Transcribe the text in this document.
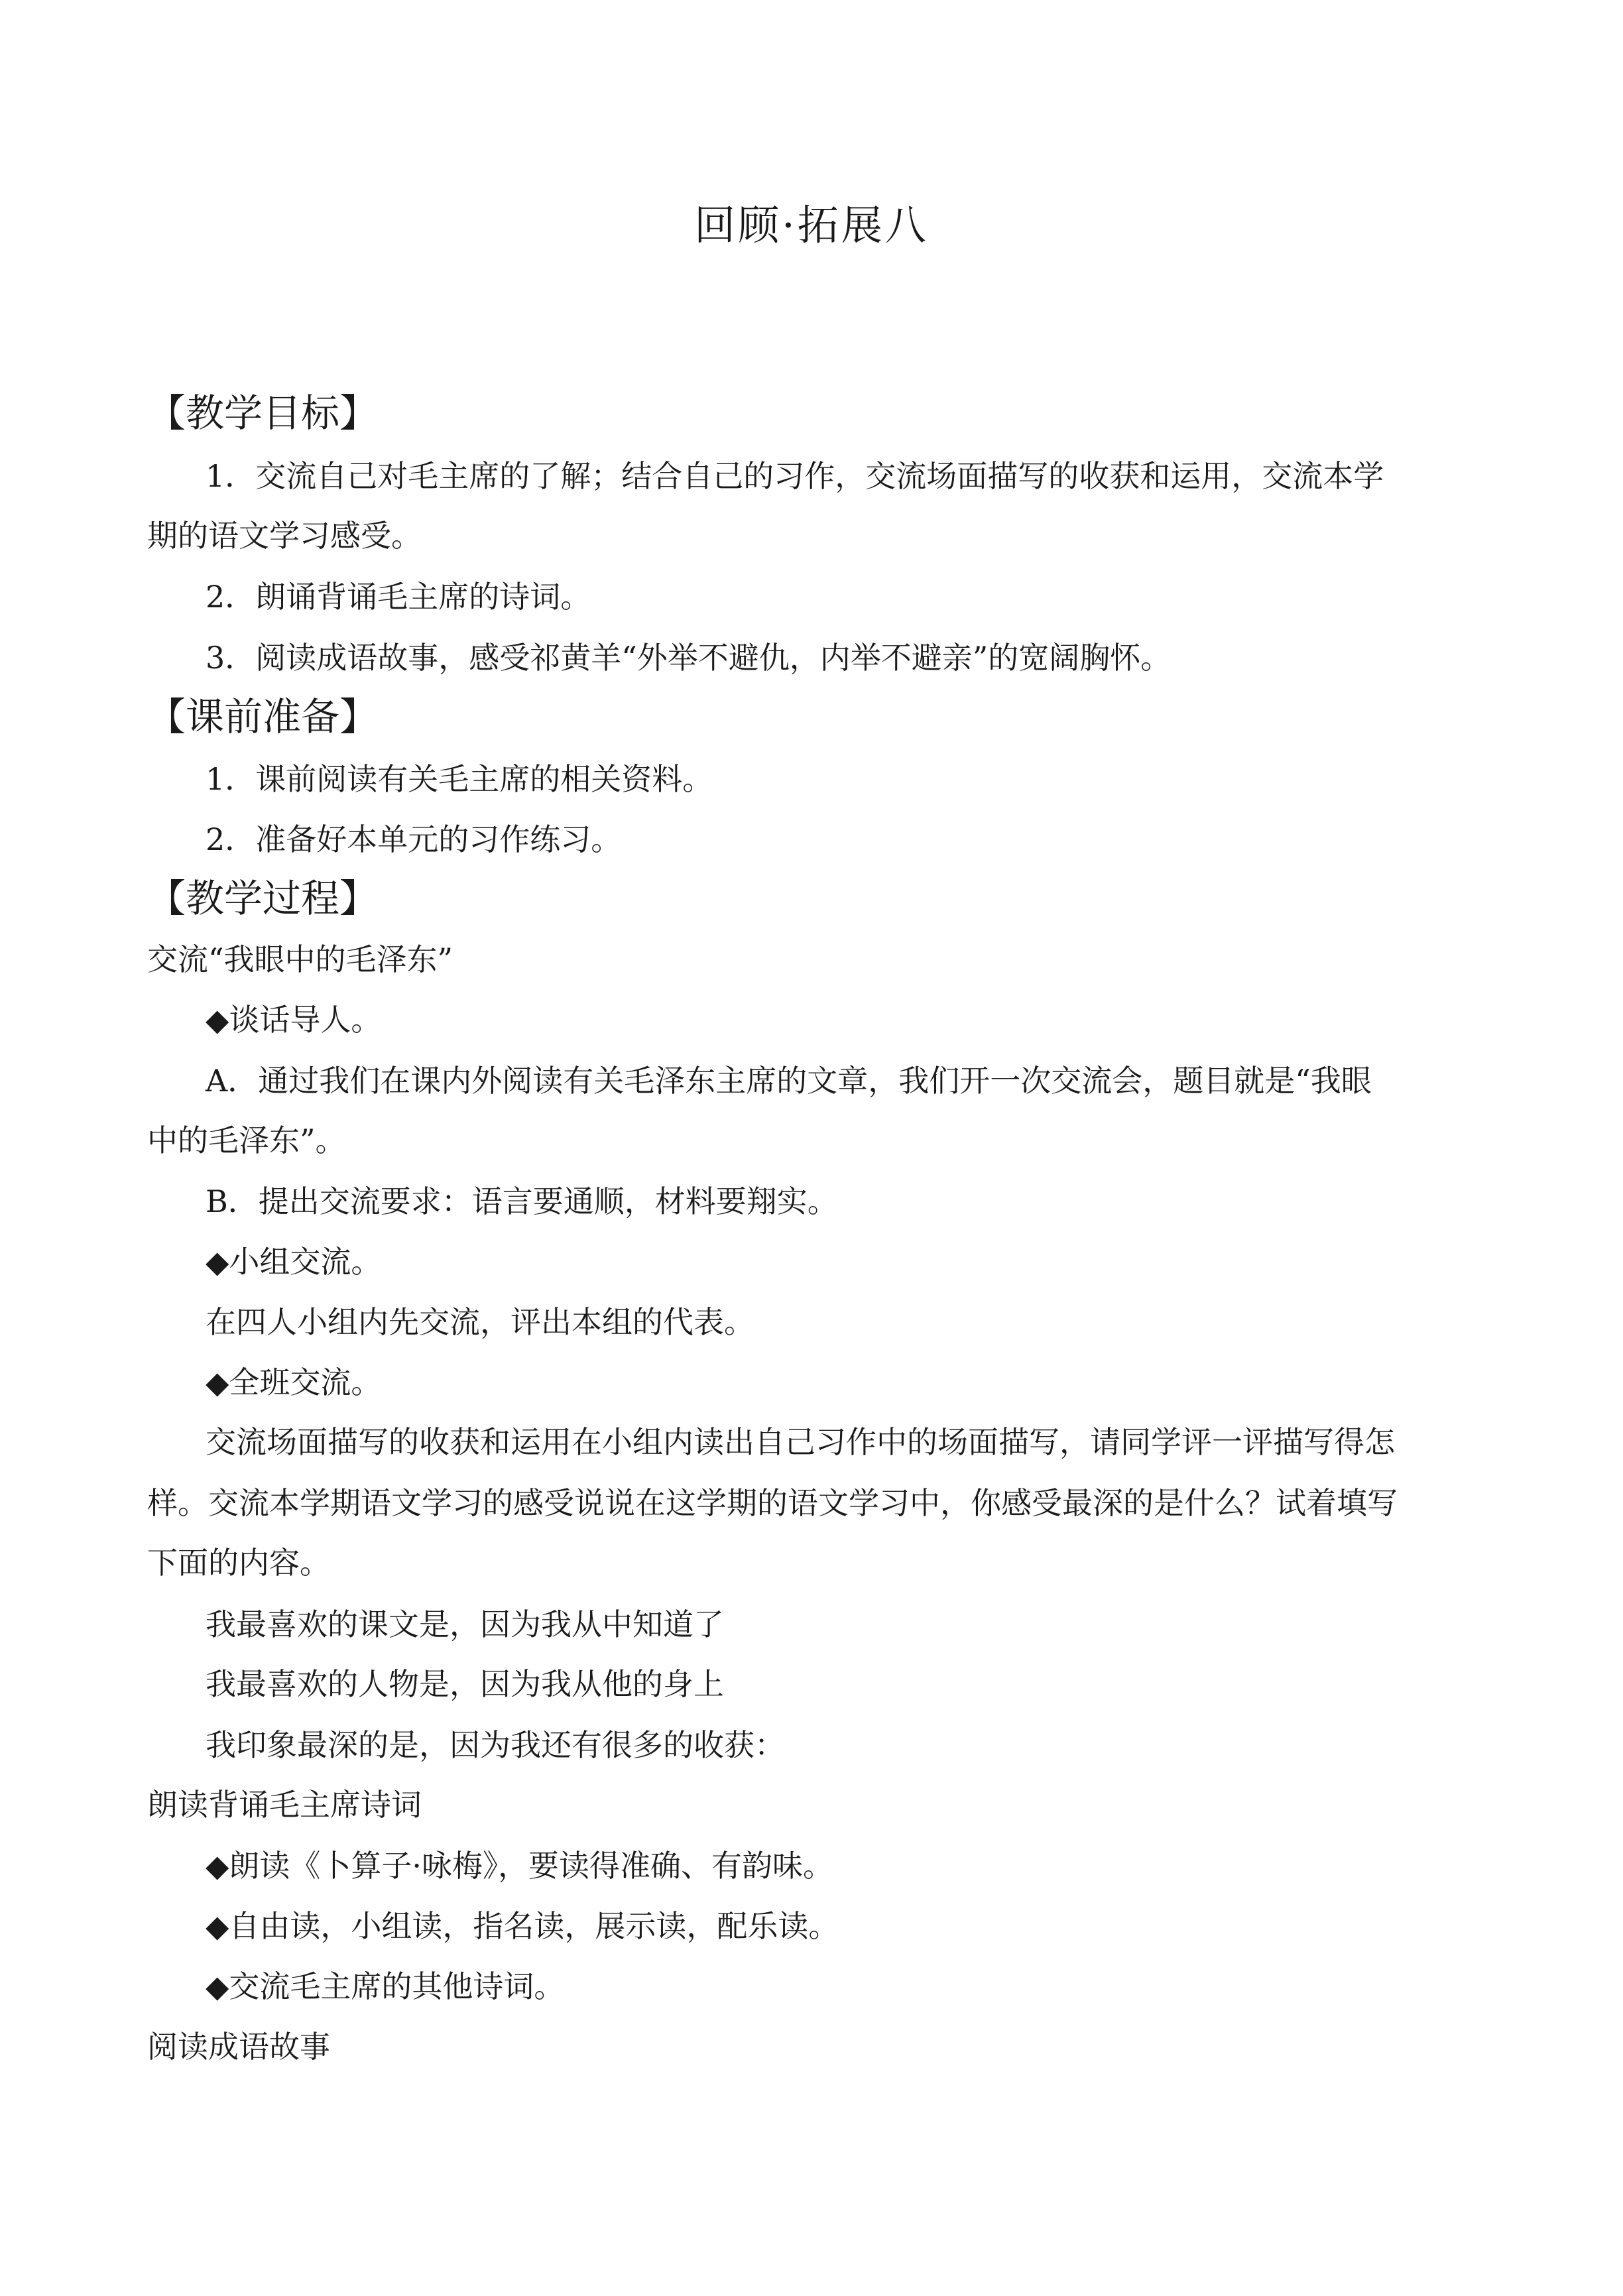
回顾·拓展八
【教学目标】
1．交流自己对毛主席的了解；结合自己的习作，交流场面描写的收获和运用，交流本学
期的语文学习感受。
2．朗诵背诵毛主席的诗词。
3．阅读成语故事，感受祁黄羊“外举不避仇，内举不避亲”的宽阔胸怀。
【课前准备】
1．课前阅读有关毛主席的相关资料。
2．准备好本单元的习作练习。
【教学过程】
交流“我眼中的毛泽东”
◆谈话导人。
A．通过我们在课内外阅读有关毛泽东主席的文章，我们开一次交流会，题目就是“我眼
中的毛泽东”。
B．提出交流要求：语言要通顺，材料要翔实。
◆小组交流。
在四人小组内先交流，评出本组的代表。
◆全班交流。
交流场面描写的收获和运用在小组内读出自己习作中的场面描写，请同学评一评描写得怎
样。交流本学期语文学习的感受说说在这学期的语文学习中，你感受最深的是什么？试着填写
下面的内容。
我最喜欢的课文是，因为我从中知道了
我最喜欢的人物是，因为我从他的身上
我印象最深的是，因为我还有很多的收获：
朗读背诵毛主席诗词
◆朗读《卜算子·咏梅》，要读得准确、有韵味。
◆自由读，小组读，指名读，展示读，配乐读。
◆交流毛主席的其他诗词。
阅读成语故事
